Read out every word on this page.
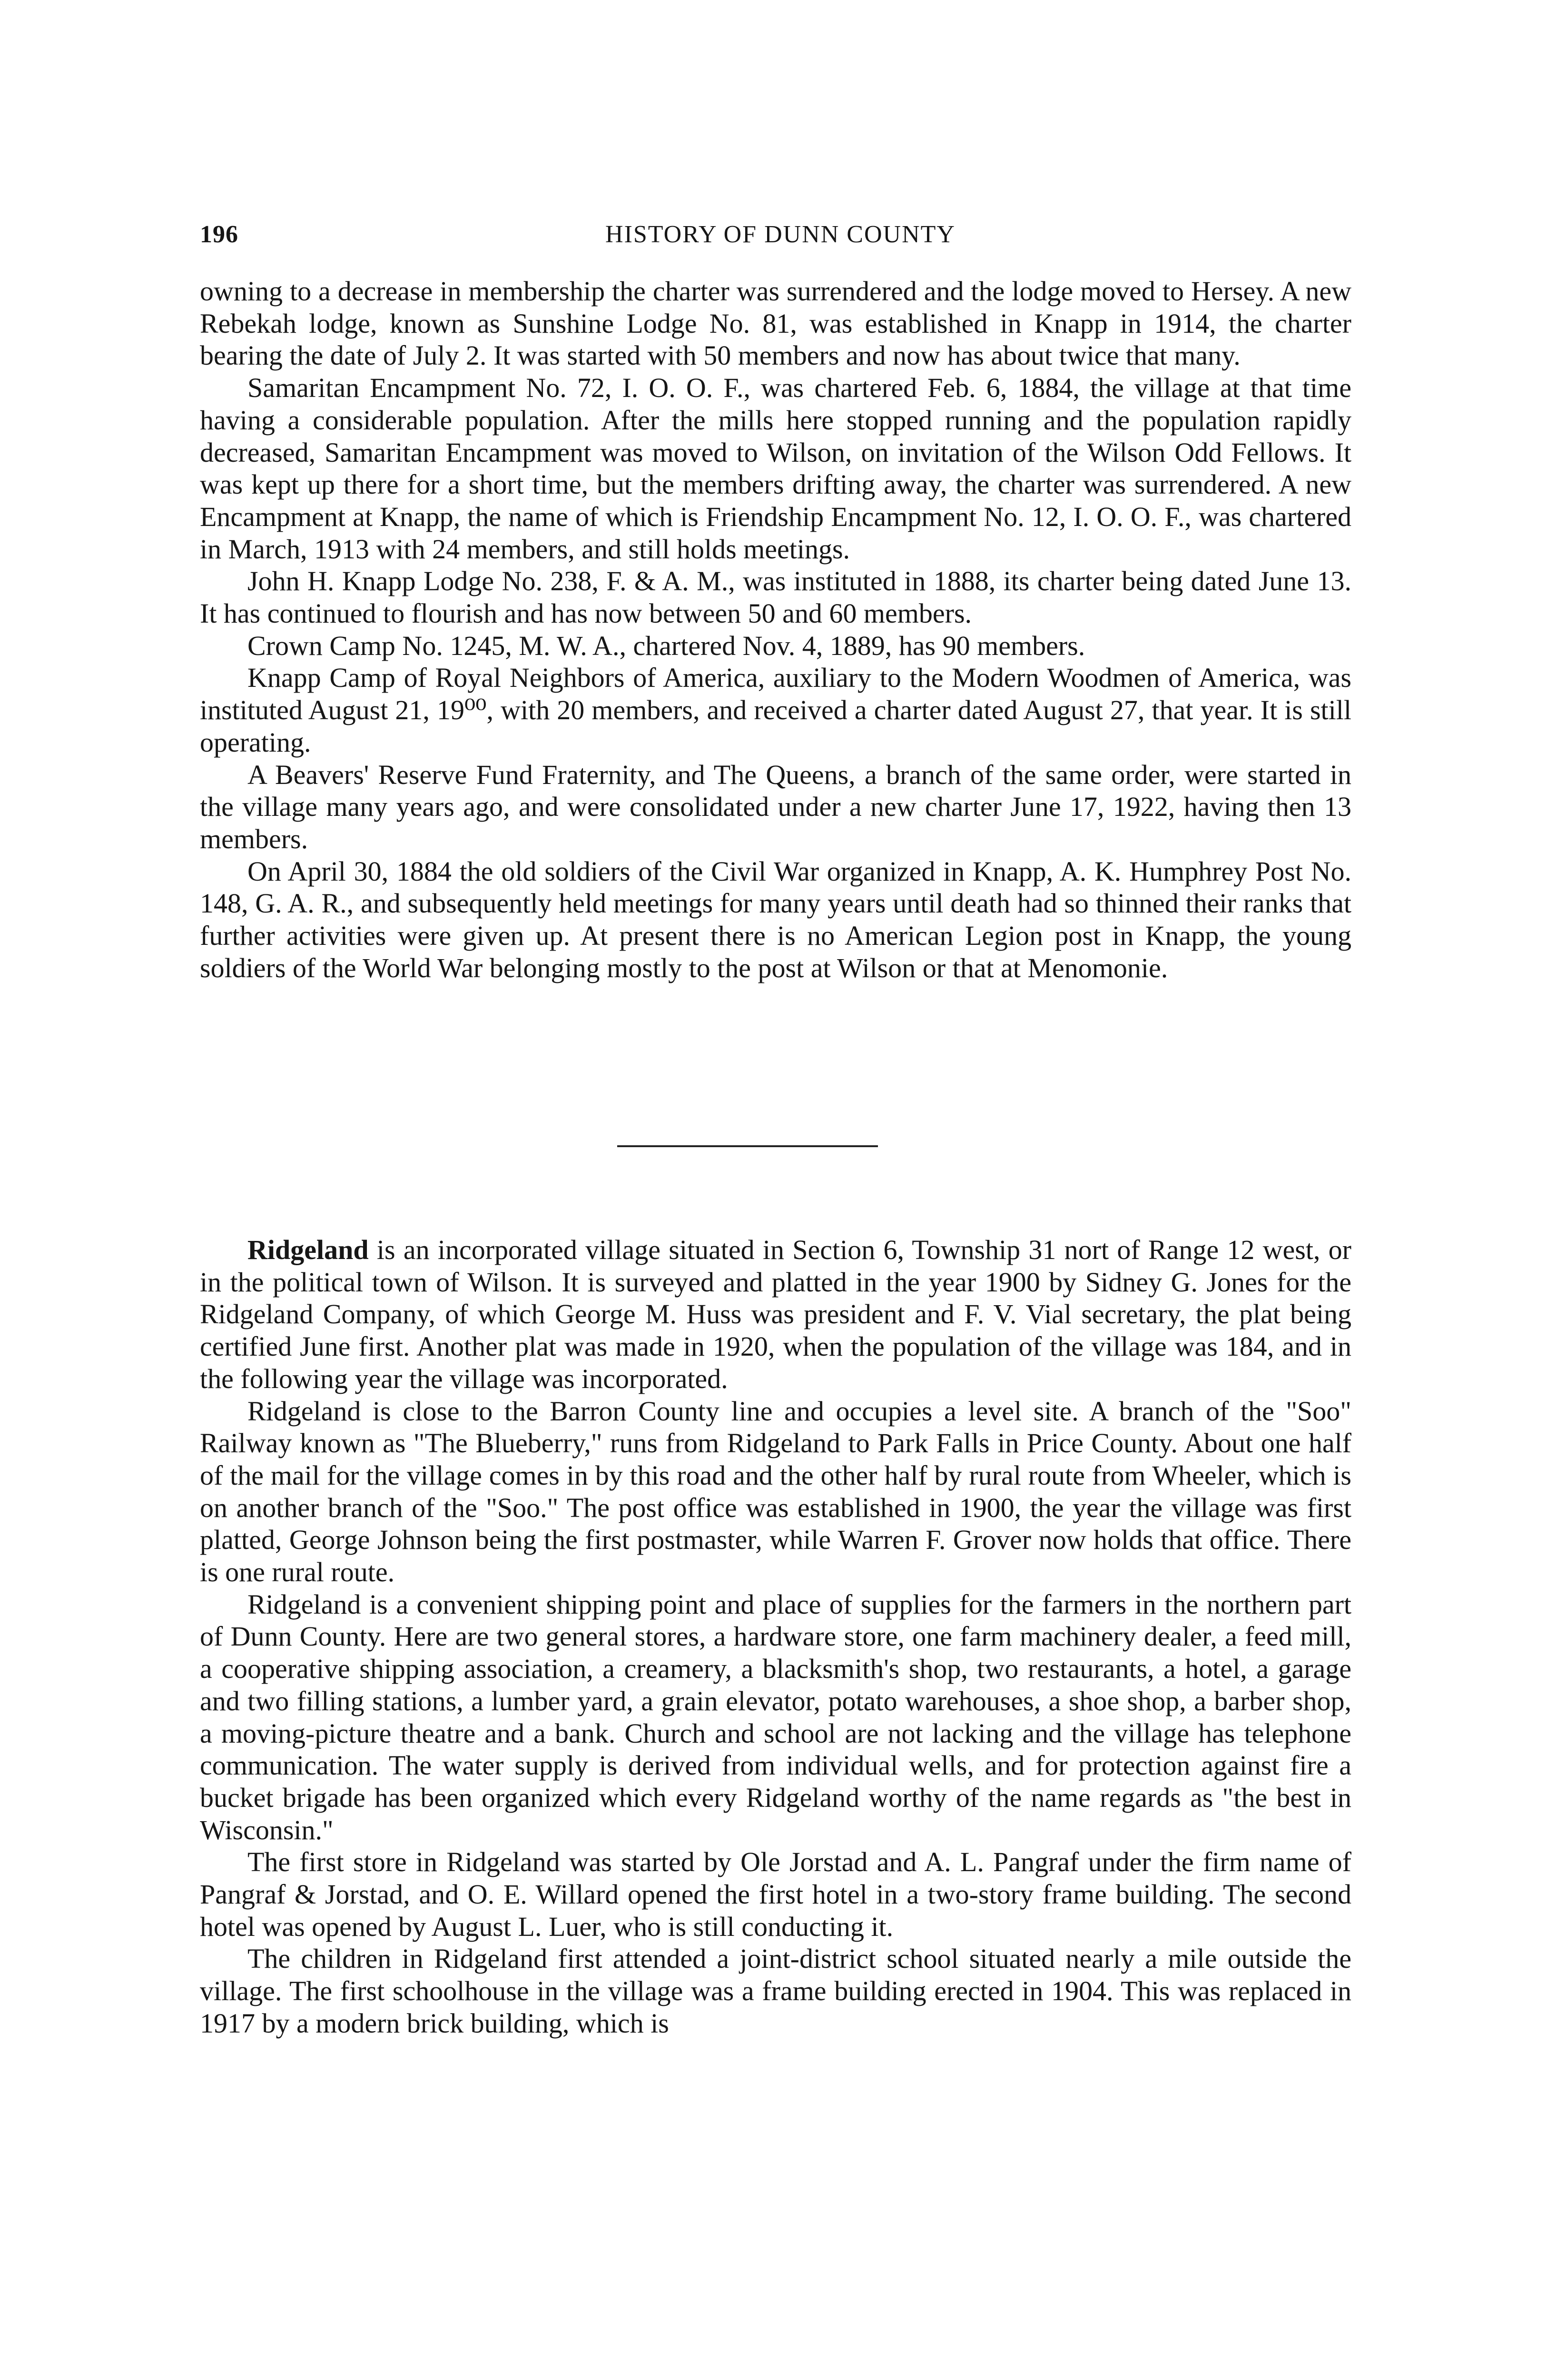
196	HISTORY OF DUNN COUNTY

owning to a decrease in membership the charter was surrendered and the lodge moved to Hersey. A new Rebekah lodge, known as Sunshine Lodge No. 81, was established in Knapp in 1914, the charter bearing the date of July 2. It was started with 50 members and now has about twice that many.

Samaritan Encampment No. 72, I. O. O. F., was chartered Feb. 6, 1884, the village at that time having a considerable population. After the mills here stopped running and the population rapidly decreased, Samaritan Encampment was moved to Wilson, on invitation of the Wilson Odd Fellows. It was kept up there for a short time, but the members drifting away, the charter was surrendered. A new Encampment at Knapp, the name of which is Friendship Encampment No. 12, I. O. O. F., was chartered in March, 1913 with 24 members, and still holds meetings.

John H. Knapp Lodge No. 238, F. & A. M., was instituted in 1888, its charter being dated June 13. It has continued to flourish and has now between 50 and 60 members.

Crown Camp No. 1245, M. W. A., chartered Nov. 4, 1889, has 90 members.

Knapp Camp of Royal Neighbors of America, auxiliary to the Modern Woodmen of America, was instituted August 21, 19⁰⁰, with 20 members, and received a charter dated August 27, that year. It is still operating.

A Beavers' Reserve Fund Fraternity, and The Queens, a branch of the same order, were started in the village many years ago, and were consolidated under a new charter June 17, 1922, having then 13 members.

On April 30, 1884 the old soldiers of the Civil War organized in Knapp, A. K. Humphrey Post No. 148, G. A. R., and subsequently held meetings for many years until death had so thinned their ranks that further activities were given up. At present there is no American Legion post in Knapp, the young soldiers of the World War belonging mostly to the post at Wilson or that at Menomonie.

Ridgeland is an incorporated village situated in Section 6, Township 31 nort of Range 12 west, or in the political town of Wilson. It is surveyed and platted in the year 1900 by Sidney G. Jones for the Ridgeland Company, of which George M. Huss was president and F. V. Vial secretary, the plat being certified June first. Another plat was made in 1920, when the population of the village was 184, and in the following year the village was incorporated.

Ridgeland is close to the Barron County line and occupies a level site. A branch of the "Soo" Railway known as "The Blueberry," runs from Ridgeland to Park Falls in Price County. About one half of the mail for the village comes in by this road and the other half by rural route from Wheeler, which is on another branch of the "Soo." The post office was established in 1900, the year the village was first platted, George Johnson being the first postmaster, while Warren F. Grover now holds that office. There is one rural route.

Ridgeland is a convenient shipping point and place of supplies for the farmers in the northern part of Dunn County. Here are two general stores, a hardware store, one farm machinery dealer, a feed mill, a cooperative shipping association, a creamery, a blacksmith's shop, two restaurants, a hotel, a garage and two filling stations, a lumber yard, a grain elevator, potato warehouses, a shoe shop, a barber shop, a moving-picture theatre and a bank. Church and school are not lacking and the village has telephone communication. The water supply is derived from individual wells, and for protection against fire a bucket brigade has been organized which every Ridgeland worthy of the name regards as "the best in Wisconsin."

The first store in Ridgeland was started by Ole Jorstad and A. L. Pangraf under the firm name of Pangraf & Jorstad, and O. E. Willard opened the first hotel in a two-story frame building. The second hotel was opened by August L. Luer, who is still conducting it.

The children in Ridgeland first attended a joint-district school situated nearly a mile outside the village. The first schoolhouse in the village was a frame building erected in 1904. This was replaced in 1917 by a modern brick building, which is
